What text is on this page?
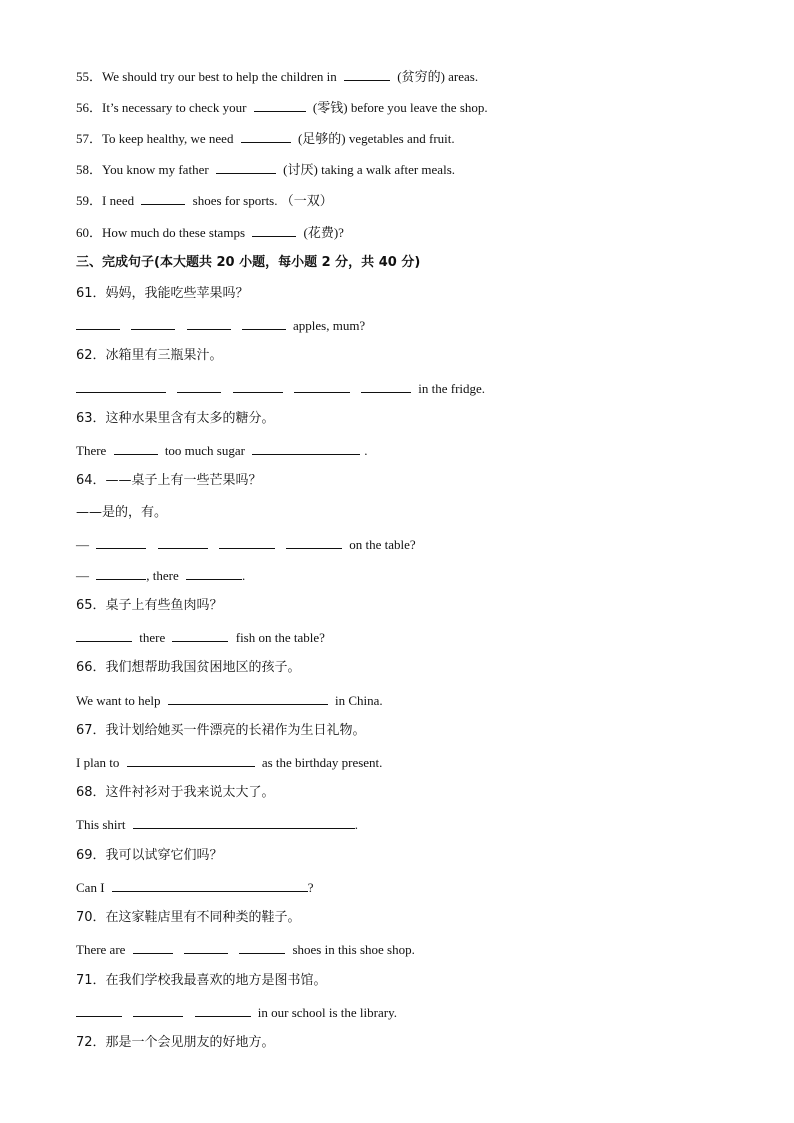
55．We should try our best to help the children in	(贫穷的) areas.
56．It’s necessary to check your	(零钱) before you leave the shop.
57．To keep healthy, we need	(足够的) vegetables and fruit.
58．You know my father	(讨厌) taking a walk after meals.
59．I need	shoes for sports. （一双）
60．How much do these stamps	(花费)?
三、完成句子(本大题共 20 小题，每小题 2 分，共 40 分)
61．妈妈，我能吃些苹果吗？
apples, mum?
62．冰箱里有三瓶果汁。
in the fridge.
63．这种水果里含有太多的糖分。
There	too much sugar	.
64．——桌子上有一些芒果吗？
——是的，有。
—	on the table?
—	, there	.
65．桌子上有些鱼肉吗？
there	fish on the table?
66．我们想帮助我国贫困地区的孩子。
We want to help	in China.
67．我计划给她买一件漂亮的长裙作为生日礼物。
I plan to	as the birthday present.
68．这件衬衫对于我来说太大了。
This shirt	.
69．我可以试穿它们吗？
Can I	?
70．在这家鞋店里有不同种类的鞋子。
There are	shoes in this shoe shop.
71．在我们学校我最喜欢的地方是图书馆。
in our school is the library.
72．那是一个会见朋友的好地方。
